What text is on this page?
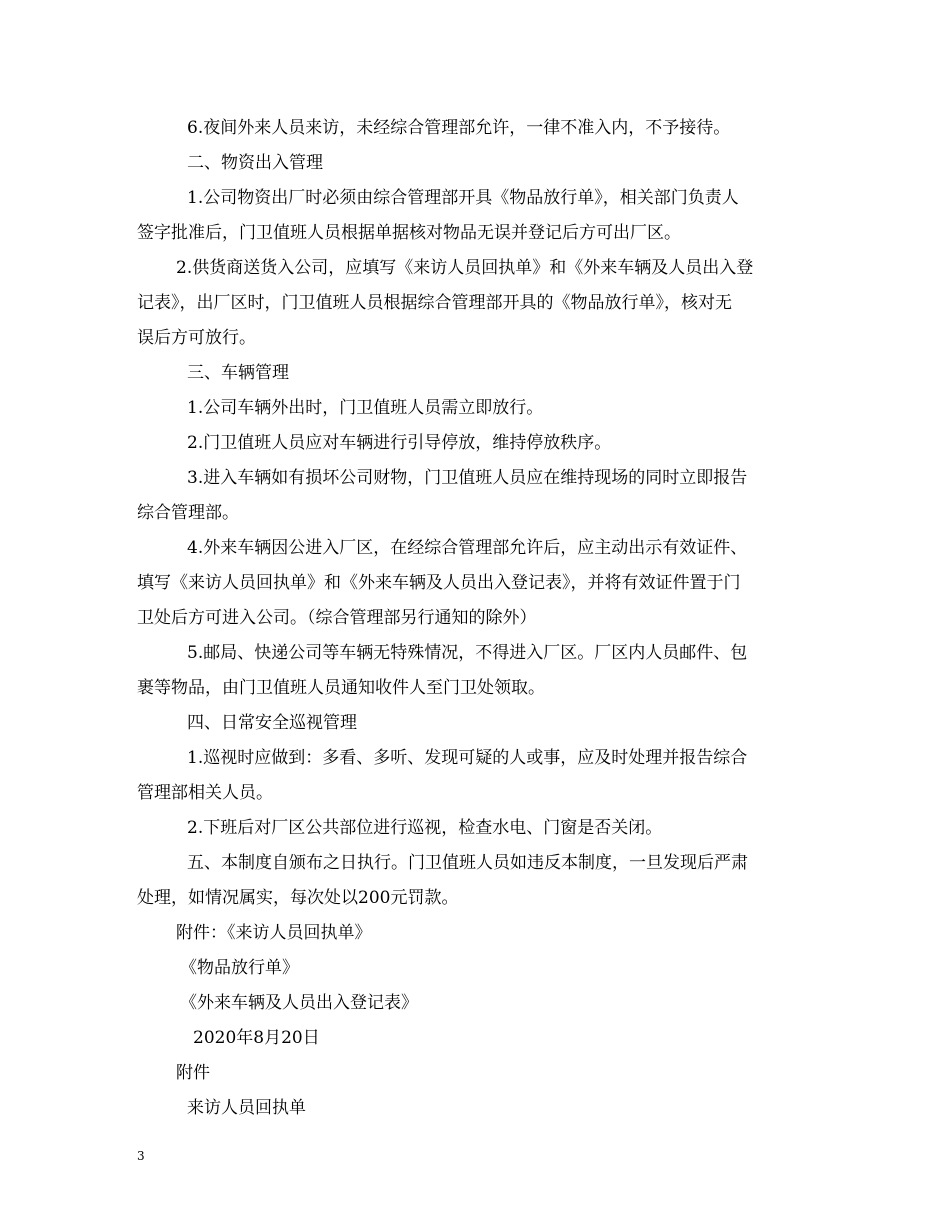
6.夜间外来人员来访，未经综合管理部允许，一律不准入内，不予接待。
二、物资出入管理
1.公司物资出厂时必须由综合管理部开具《物品放行单》，相关部门负责人
签字批准后，门卫值班人员根据单据核对物品无误并登记后方可出厂区。
2.供货商送货入公司，应填写《来访人员回执单》和《外来车辆及人员出入登
记表》，出厂区时，门卫值班人员根据综合管理部开具的《物品放行单》，核对无
误后方可放行。
三、车辆管理
1.公司车辆外出时，门卫值班人员需立即放行。
2.门卫值班人员应对车辆进行引导停放，维持停放秩序。
3.进入车辆如有损坏公司财物，门卫值班人员应在维持现场的同时立即报告
综合管理部。
4.外来车辆因公进入厂区，在经综合管理部允许后，应主动出示有效证件、
填写《来访人员回执单》和《外来车辆及人员出入登记表》，并将有效证件置于门
卫处后方可进入公司。（综合管理部另行通知的除外）
5.邮局、快递公司等车辆无特殊情况，不得进入厂区。厂区内人员邮件、包
裹等物品，由门卫值班人员通知收件人至门卫处领取。
四、日常安全巡视管理
1.巡视时应做到：多看、多听、发现可疑的人或事，应及时处理并报告综合
管理部相关人员。
2.下班后对厂区公共部位进行巡视，检查水电、门窗是否关闭。
五、本制度自颁布之日执行。门卫值班人员如违反本制度，一旦发现后严肃
处理，如情况属实，每次处以200元罚款。
附件：《来访人员回执单》
《物品放行单》
《外来车辆及人员出入登记表》
2020年8月20日
附件
来访人员回执单
3
